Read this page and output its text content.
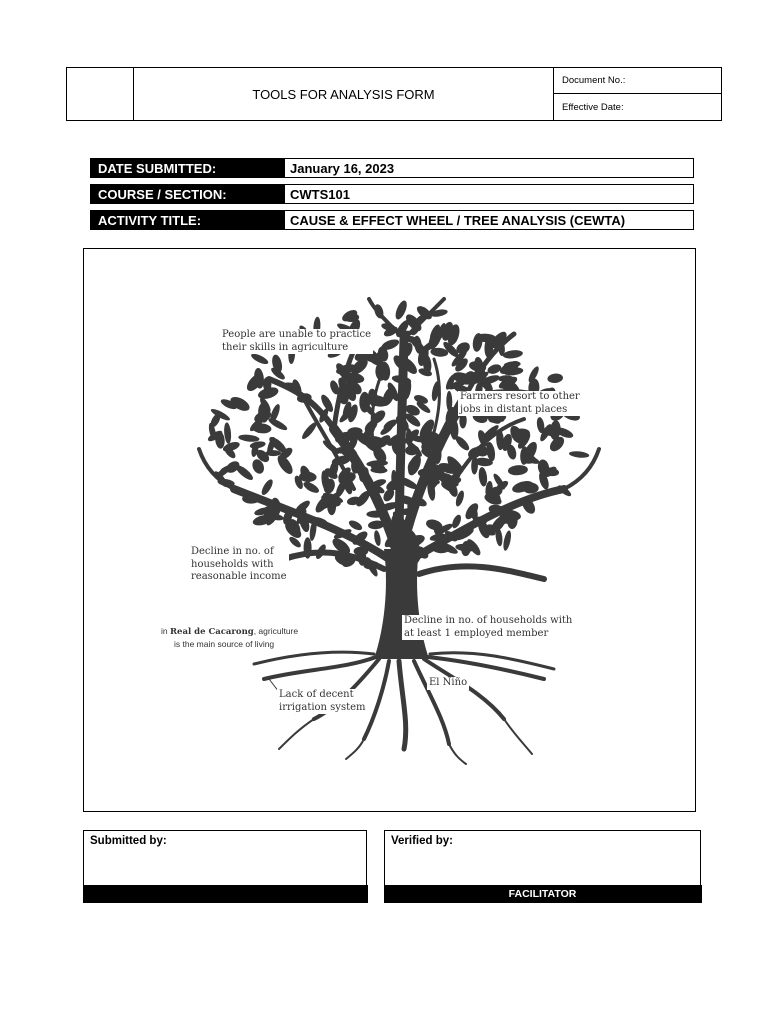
TOOLS FOR ANALYSIS FORM
Document No.:
Effective Date:
DATE SUBMITTED:	January 16, 2023
COURSE / SECTION:	CWTS101
ACTIVITY TITLE:	CAUSE & EFFECT WHEEL / TREE ANALYSIS (CEWTA)
People are unable to practice
their skills in agriculture
Farmers resort to other
jobs in distant places
Decline in no. of
households with
reasonable income
Decline in no. of households with
at least 1 employed member
in Real de Cacarong, agriculture
is the main source of living
El Niño
Lack of decent
irrigation system
Submitted by:	Verified by:
FACILITATOR
